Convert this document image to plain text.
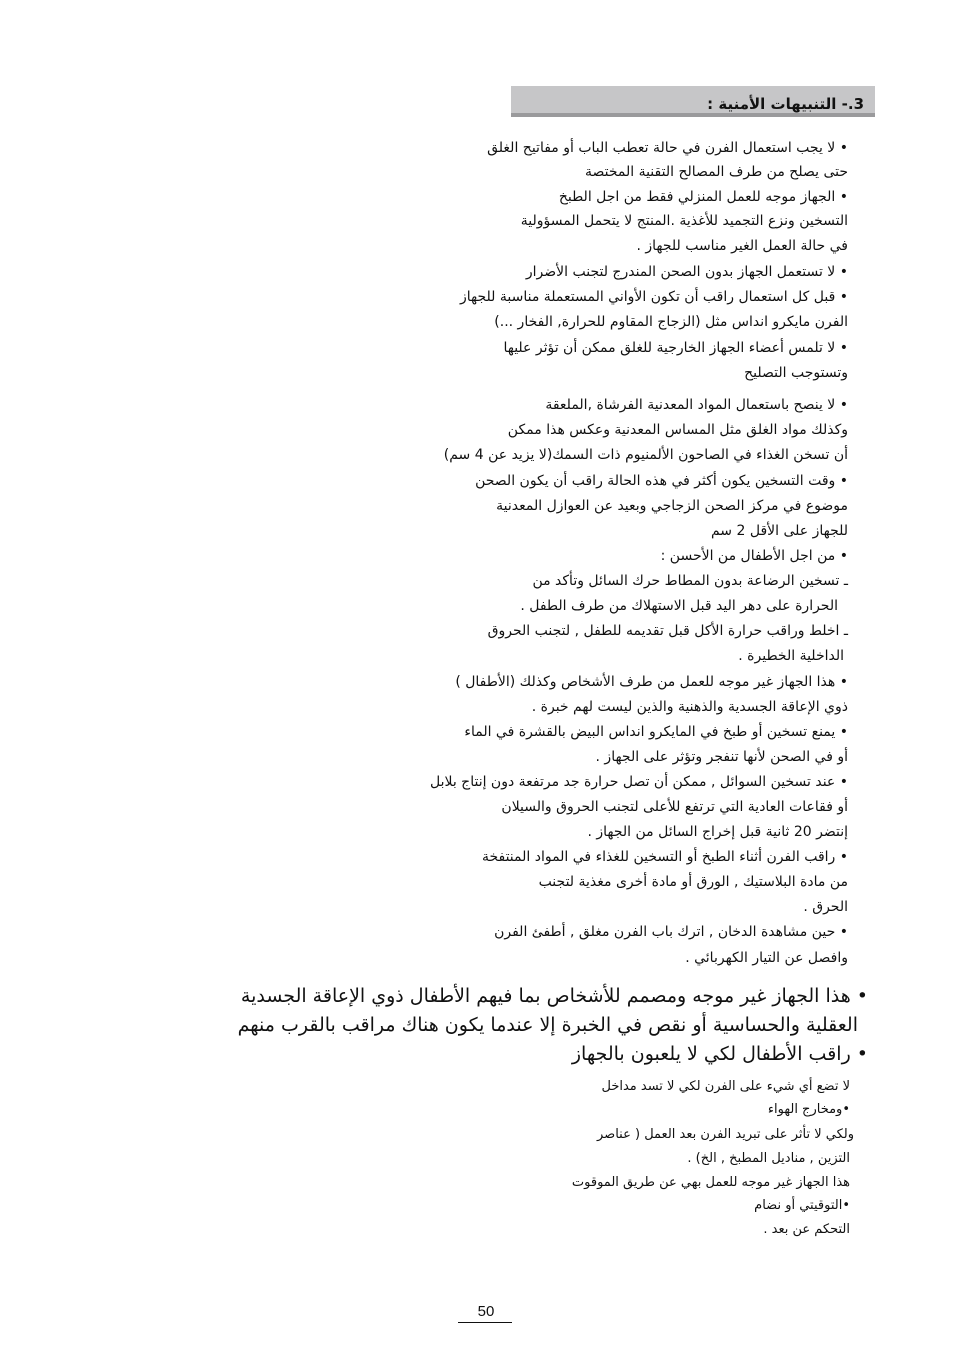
3.- التنبيهات الأمنية :
• لا يجب استعمال الفرن في حالة تعطب الباب أو مفاتيح الغلق
حتى يصلح من طرف المصالح التقنية المختصة
• الجهاز موجه للعمل المنزلي فقط من اجل الطبخ
التسخين ونزع التجميد للأغذية .المنتج لا يتحمل المسؤولية
في حالة العمل الغير مناسب للجهاز .
• لا تستعمل الجهاز بدون الصحن المندرج لتجنب الأضرار
• قبل كل استعمال راقب أن تكون الأواني المستعملة مناسبة للجهاز
الفرن مايكرو انداس مثل (الزجاج المقاوم للحرارة, الفخار ...)
• لا تلمس أعضاء الجهاز الخارجية للغلق ممكن أن تؤثر عليها
وتستوجب التصليح
• لا ينصح باستعمال المواد المعدنية الفرشاة ,الملعقة
وكذلك مواد الغلق مثل المساس المعدنية وعكس هذا ممكن
أن تسخن الغذاء في الصاحون الألمنيوم ذات السمك(لا يزيد عن 4 سم)
• وقت التسخين يكون أكثر في هذه الحالة راقب أن يكون الصحن
موضوع في مركز الصحن الزجاجي وبعيد عن العوازل المعدنية
للجهاز على الأقل 2 سم
• من اجل الأطفال من الأحسن :
ـ تسخين الرضاعة بدون المطاط حرك السائل وتأكد من
الحرارة على دهر اليد قبل الاستهلاك من طرف الطفل .
ـ اخلط وراقب حرارة الأكل قبل تقديمه للطفل , لتجنب الحروق
الداخلية الخطيرة .
• هذا الجهاز غير موجه للعمل من طرف الأشخاص وكذلك (الأطفال )
ذوي الإعاقة الجسدية والذهنية والذين ليست لهم خبرة .
• يمنع تسخين أو طبخ في المايكرو انداس البيض بالقشرة في الماء
أو في الصحن لأنها تنفجر وتؤثر على الجهاز .
• عند تسخين السوائل , ممكن أن تصل حرارة جد مرتفعة دون إنتاج بلابل
أو فقاعات العادية التي ترتفع للأعلى لتجنب الحروق والسيلان
إنتضر 20 ثانية قبل إخراج السائل من الجهاز .
• راقب الفرن أثناء الطبخ أو التسخين للغذاء في المواد المنتفخة
من مادة البلاستيك , الورق أو مادة أخرى مغذية لتجنب
الحرق .
• حين مشاهدة الدخان , اترك باب الفرن مغلق , أطفئ الفرن
وافصل عن التيار الكهربائي .
• هذا الجهاز غير موجه ومصمم للأشخاص بما فيهم الأطفال ذوي الإعاقة الجسدية
العقلية والحساسية أو نقص في الخبرة إلا عندما يكون هناك مراقب بالقرب منهم
• راقب الأطفال لكي لا يلعبون بالجهاز
لا تضع أي شيء على الفرن لكي لا تسد مداخل
•ومخارج الهواء
ولكي لا تأثر على تبريد الفرن بعد العمل ( عناصر
التزين , مناديل المطبخ , الخ) .
هذا الجهاز غير موجه للعمل بهي عن طريق الموقوت
•التوقيتي أو نضام
التحكم عن بعد .
50
